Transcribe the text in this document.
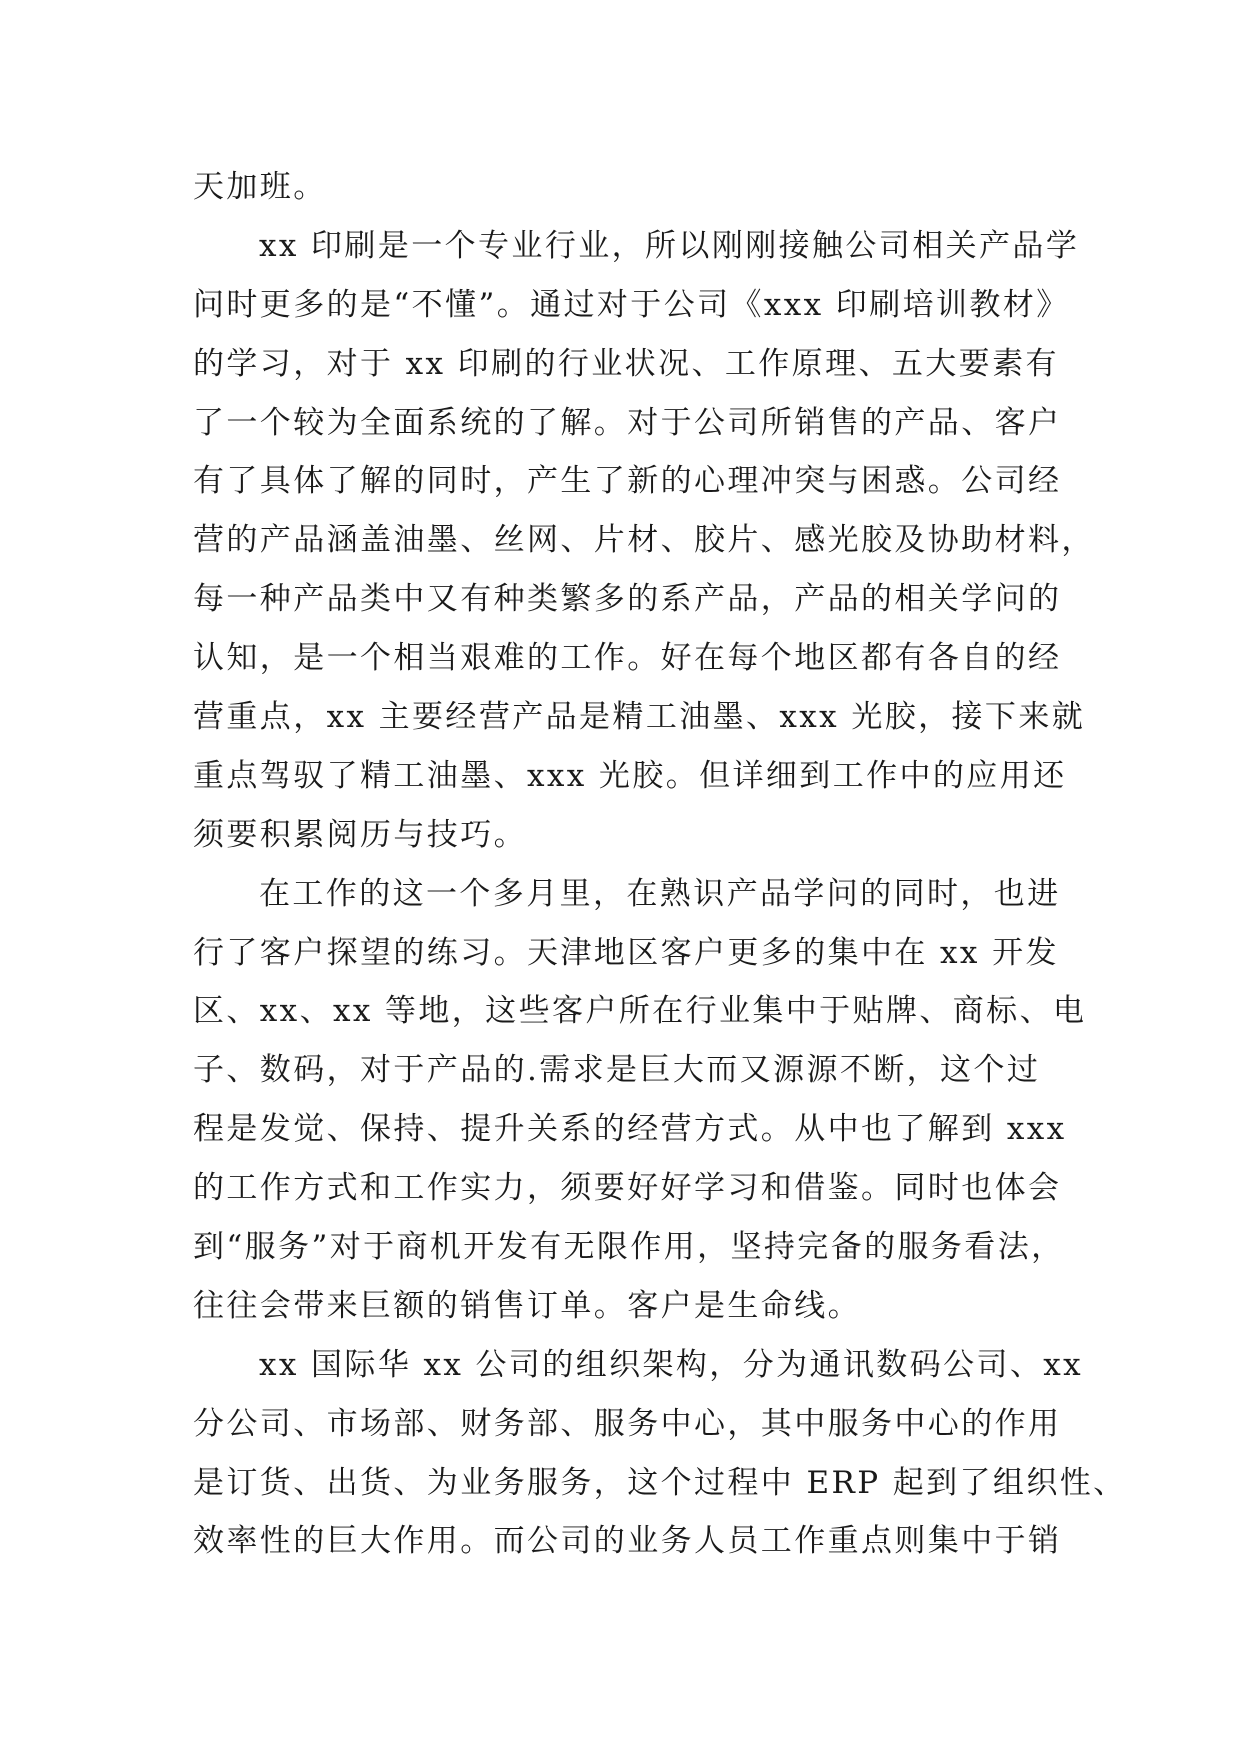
天加班。
xx 印刷是一个专业行业，所以刚刚接触公司相关产品学
问时更多的是“不懂”。通过对于公司《xxx 印刷培训教材》
的学习，对于 xx 印刷的行业状况、工作原理、五大要素有
了一个较为全面系统的了解。对于公司所销售的产品、客户
有了具体了解的同时，产生了新的心理冲突与困惑。公司经
营的产品涵盖油墨、丝网、片材、胶片、感光胶及协助材料，
每一种产品类中又有种类繁多的系产品，产品的相关学问的
认知，是一个相当艰难的工作。好在每个地区都有各自的经
营重点，xx 主要经营产品是精工油墨、xxx 光胶，接下来就
重点驾驭了精工油墨、xxx 光胶。但详细到工作中的应用还
须要积累阅历与技巧。
在工作的这一个多月里，在熟识产品学问的同时，也进
行了客户探望的练习。天津地区客户更多的集中在 xx 开发
区、xx、xx 等地，这些客户所在行业集中于贴牌、商标、电
子、数码，对于产品的.需求是巨大而又源源不断，这个过
程是发觉、保持、提升关系的经营方式。从中也了解到 xxx
的工作方式和工作实力，须要好好学习和借鉴。同时也体会
到“服务”对于商机开发有无限作用，坚持完备的服务看法，
往往会带来巨额的销售订单。客户是生命线。
xx 国际华 xx 公司的组织架构，分为通讯数码公司、xx
分公司、市场部、财务部、服务中心，其中服务中心的作用
是订货、出货、为业务服务，这个过程中 ERP 起到了组织性、
效率性的巨大作用。而公司的业务人员工作重点则集中于销
